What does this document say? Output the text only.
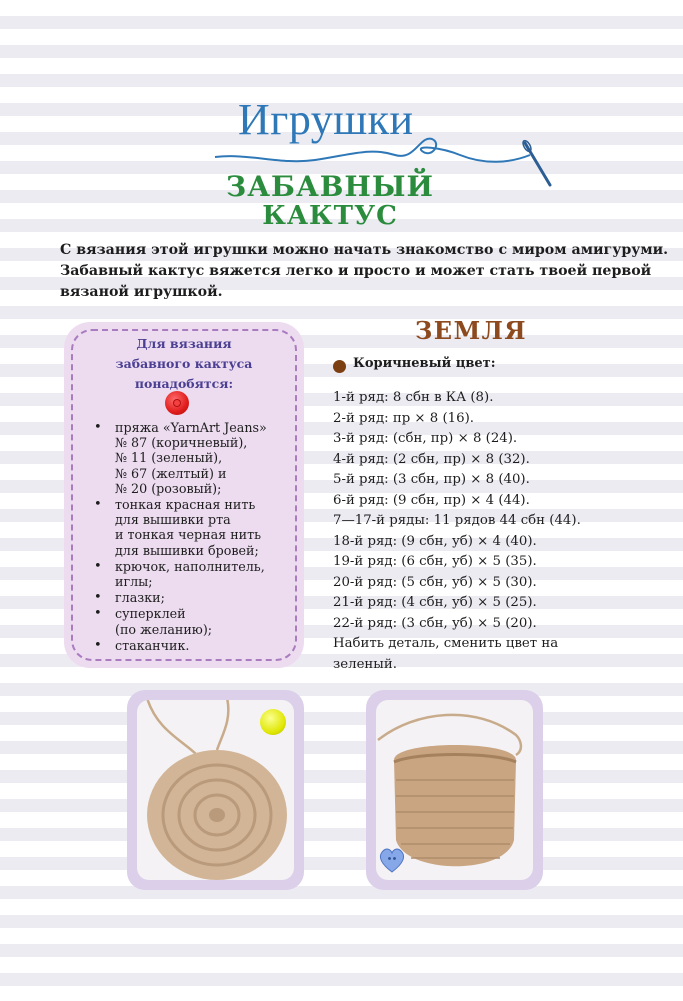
Игрушки
ЗАБАВНЫЙ
КАКТУС
С вязания этой игрушки можно начать знакомство с миром амигуруми.
Забавный кактус вяжется легко и просто и может стать твоей первой
вязаной игрушкой.
Для вязания
забавного кактуса
понадобятся:
• пряжа «YarnArt Jeans»
№ 87 (коричневый),
№ 11 (зеленый),
№ 67 (желтый) и
№ 20 (розовый);
• тонкая красная нить
для вышивки рта
и тонкая черная нить
для вышивки бровей;
• крючок, наполнитель,
иглы;
• глазки;
• суперклей
(по желанию);
• стаканчик.
ЗЕМЛЯ
Коричневый цвет:
1-й ряд: 8 сбн в КА (8).
2-й ряд: пр × 8 (16).
3-й ряд: (сбн, пр) × 8 (24).
4-й ряд: (2 сбн, пр) × 8 (32).
5-й ряд: (3 сбн, пр) × 8 (40).
6-й ряд: (9 сбн, пр) × 4 (44).
7—17-й ряды: 11 рядов 44 сбн (44).
18-й ряд: (9 сбн, уб) × 4 (40).
19-й ряд: (6 сбн, уб) × 5 (35).
20-й ряд: (5 сбн, уб) × 5 (30).
21-й ряд: (4 сбн, уб) × 5 (25).
22-й ряд: (3 сбн, уб) × 5 (20).
Набить деталь, сменить цвет на
зеленый.
